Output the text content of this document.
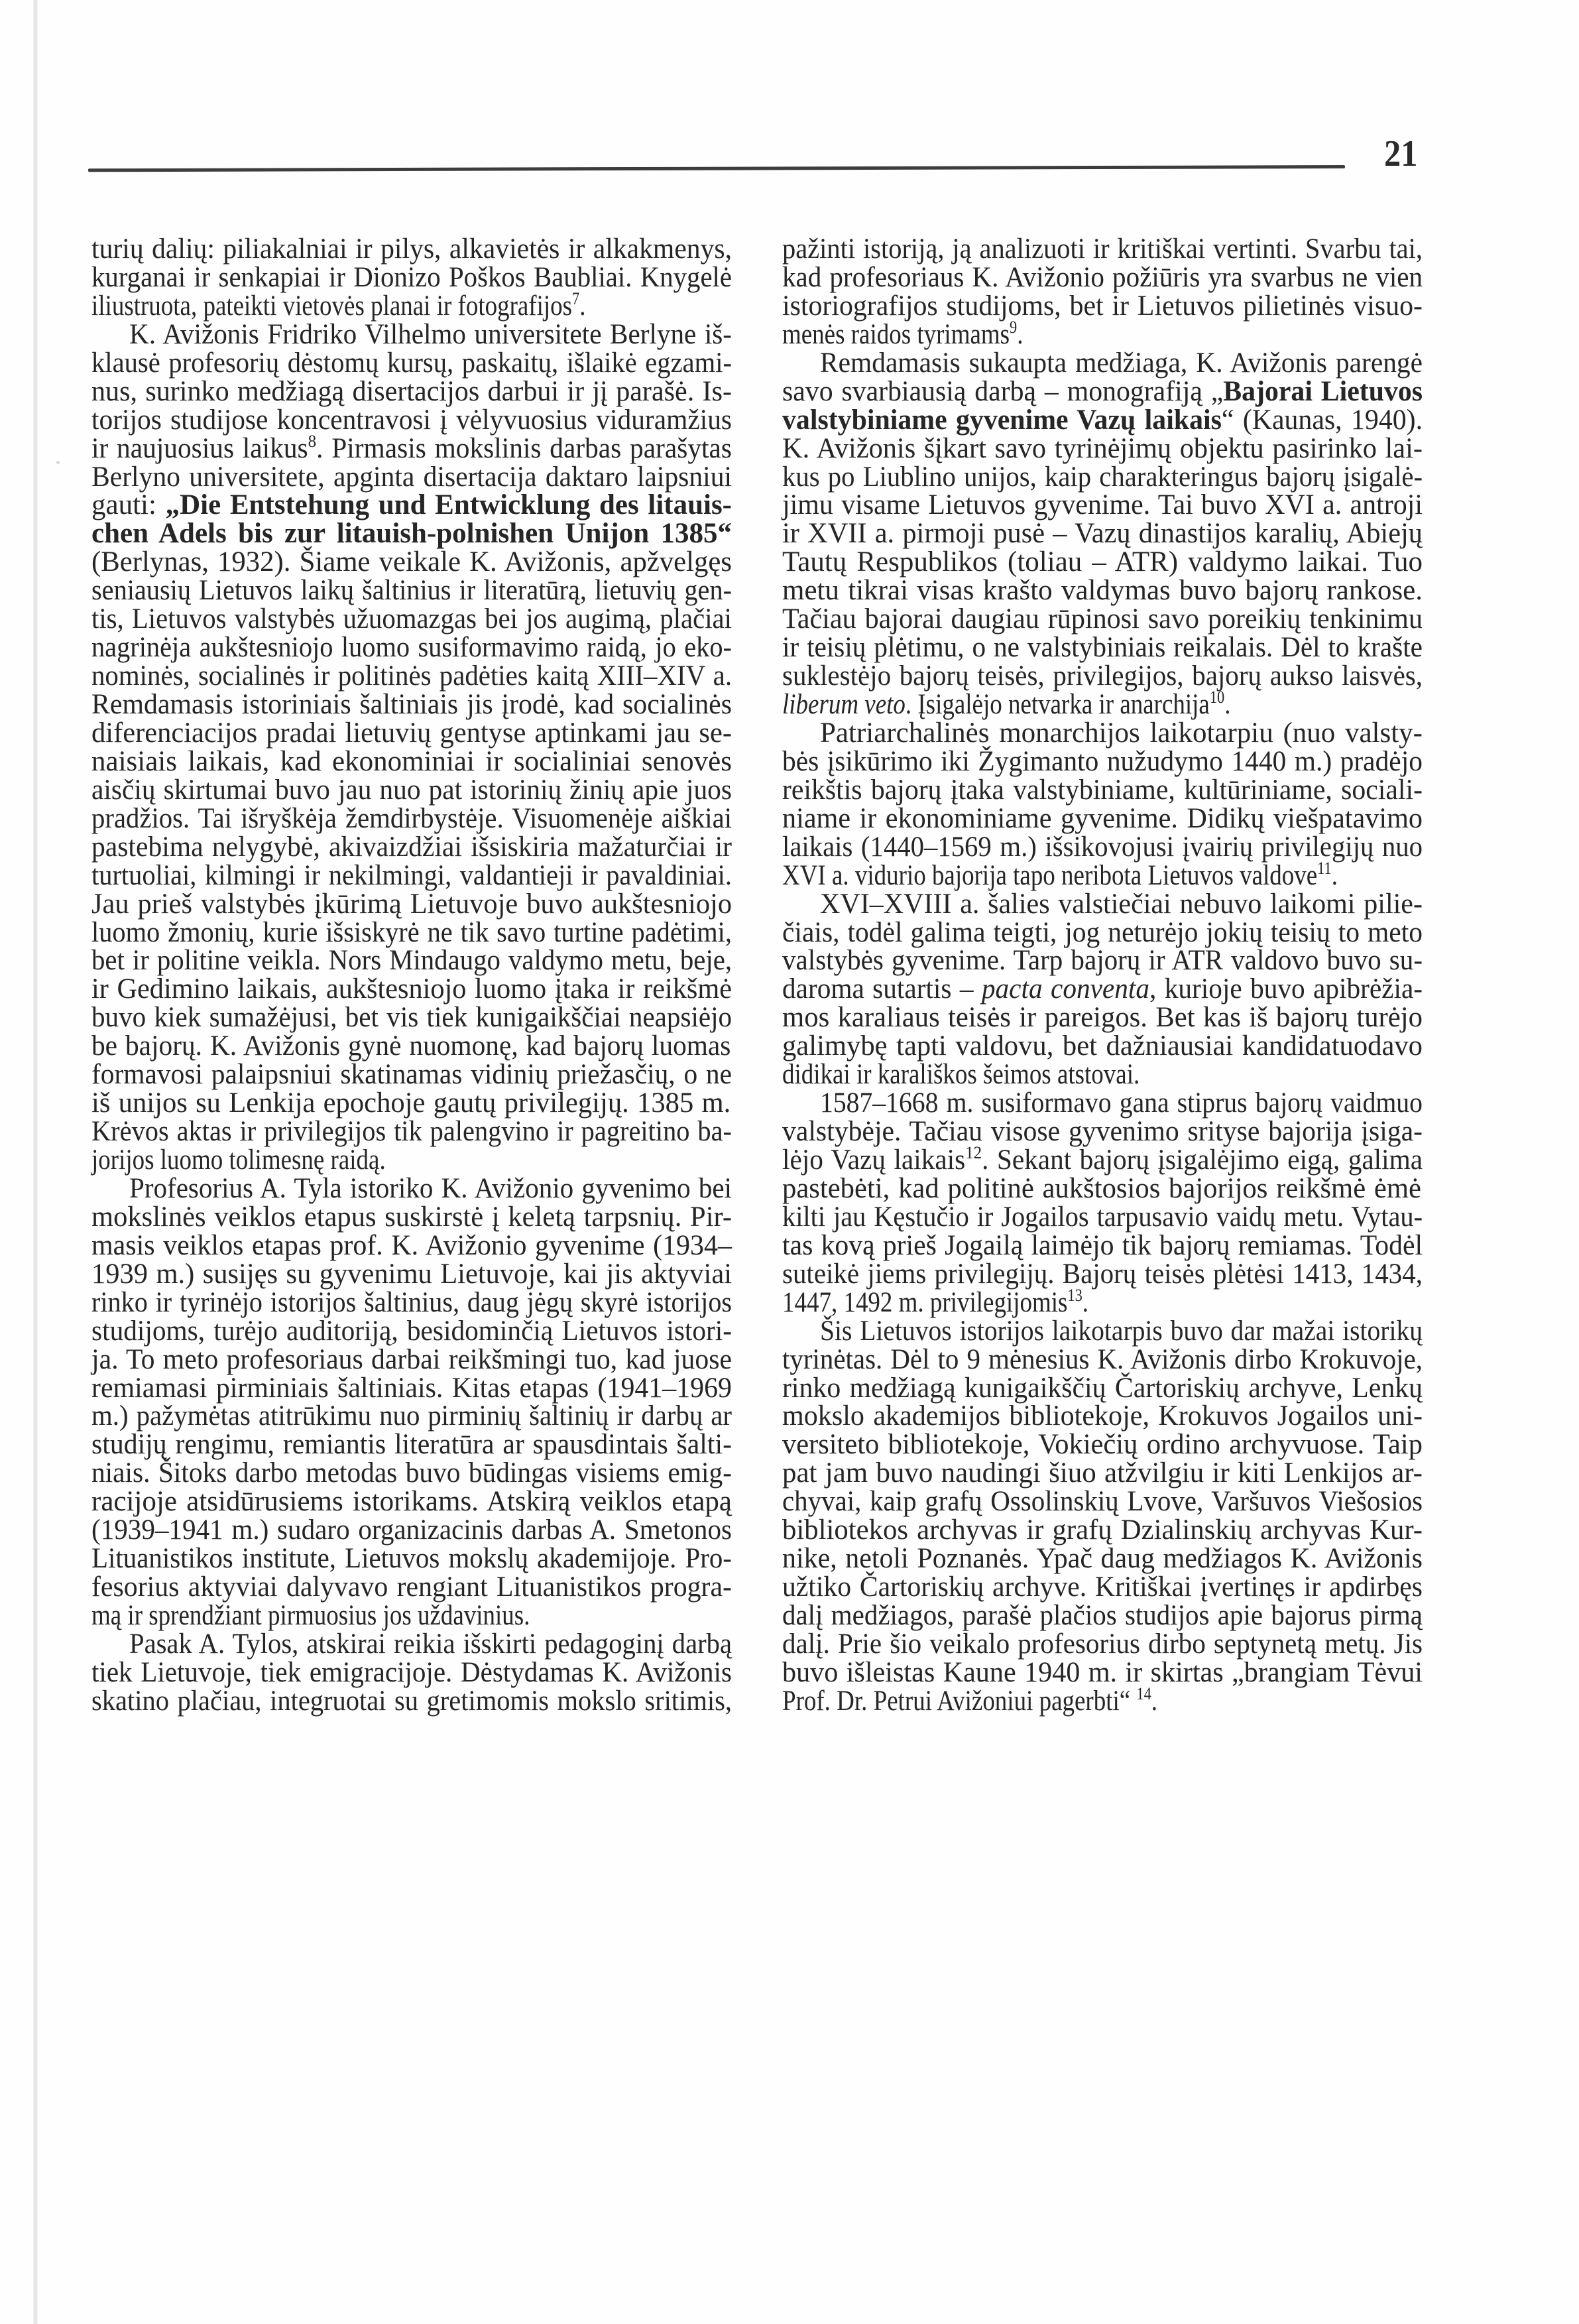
*
21
turių dalių: piliakalniai ir pilys, alkavietės ir alkakmenys,
kurganai ir senkapiai ir Dionizo Poškos Baubliai. Knygelė
iliustruota, pateikti vietovės planai ir fotografijos$^7$.
K. Avižonis Fridriko Vilhelmo universitete Berlyne iš-
klausė profesorių dėstomų kursų, paskaitų, išlaikė egzami-
nus, surinko medžiagą disertacijos darbui ir jį parašė. Is-
torijos studijose koncentravosi į vėlyvuosius viduramžius
ir naujuosius laikus$^8$. Pirmasis mokslinis darbas parašytas
Berlyno universitete, apginta disertacija daktaro laipsniui
gauti: „Die Entstehung und Entwicklung des litauis-
chen Adels bis zur litauish-polnishen Unijon 1385“
(Berlynas, 1932). Šiame veikale K. Avižonis, apžvelgęs
seniausių Lietuvos laikų šaltinius ir literatūrą, lietuvių gen-
tis, Lietuvos valstybės užuomazgas bei jos augimą, plačiai
nagrinėja aukštesniojo luomo susiformavimo raidą, jo eko-
nominės, socialinės ir politinės padėties kaitą XIII–XIV a.
Remdamasis istoriniais šaltiniais jis įrodė, kad socialinės
diferenciacijos pradai lietuvių gentyse aptinkami jau se-
naisiais laikais, kad ekonominiai ir socialiniai senovės
aisčių skirtumai buvo jau nuo pat istorinių žinių apie juos
pradžios. Tai išryškėja žemdirbystėje. Visuomenėje aiškiai
pastebima nelygybė, akivaizdžiai išsiskiria mažaturčiai ir
turtuoliai, kilmingi ir nekilmingi, valdantieji ir pavaldiniai.
Jau prieš valstybės įkūrimą Lietuvoje buvo aukštesniojo
luomo žmonių, kurie išsiskyrė ne tik savo turtine padėtimi,
bet ir politine veikla. Nors Mindaugo valdymo metu, beje,
ir Gedimino laikais, aukštesniojo luomo įtaka ir reikšmė
buvo kiek sumažėjusi, bet vis tiek kunigaikščiai neapsiėjo
be bajorų. K. Avižonis gynė nuomonę, kad bajorų luomas
formavosi palaipsniui skatinamas vidinių priežasčių, o ne
iš unijos su Lenkija epochoje gautų privilegijų. 1385 m.
Krėvos aktas ir privilegijos tik palengvino ir pagreitino ba-
jorijos luomo tolimesnę raidą.
Profesorius A. Tyla istoriko K. Avižonio gyvenimo bei
mokslinės veiklos etapus suskirstė į keletą tarpsnių. Pir-
masis veiklos etapas prof. K. Avižonio gyvenime (1934–
1939 m.) susijęs su gyvenimu Lietuvoje, kai jis aktyviai
rinko ir tyrinėjo istorijos šaltinius, daug jėgų skyrė istorijos
studijoms, turėjo auditoriją, besidominčią Lietuvos istori-
ja. To meto profesoriaus darbai reikšmingi tuo, kad juose
remiamasi pirminiais šaltiniais. Kitas etapas (1941–1969
m.) pažymėtas atitrūkimu nuo pirminių šaltinių ir darbų ar
studijų rengimu, remiantis literatūra ar spausdintais šalti-
niais. Šitoks darbo metodas buvo būdingas visiems emig-
racijoje atsidūrusiems istorikams. Atskirą veiklos etapą
(1939–1941 m.) sudaro organizacinis darbas A. Smetonos
Lituanistikos institute, Lietuvos mokslų akademijoje. Pro-
fesorius aktyviai dalyvavo rengiant Lituanistikos progra-
mą ir sprendžiant pirmuosius jos uždavinius.
Pasak A. Tylos, atskirai reikia išskirti pedagoginį darbą
tiek Lietuvoje, tiek emigracijoje. Dėstydamas K. Avižonis
skatino plačiau, integruotai su gretimomis mokslo sritimis,
pažinti istoriją, ją analizuoti ir kritiškai vertinti. Svarbu tai,
kad profesoriaus K. Avižonio požiūris yra svarbus ne vien
istoriografijos studijoms, bet ir Lietuvos pilietinės visuo-
menės raidos tyrimams$^9$.
Remdamasis sukaupta medžiaga, K. Avižonis parengė
savo svarbiausią darbą – monografiją „Bajorai Lietuvos
valstybiniame gyvenime Vazų laikais“ (Kaunas, 1940).
K. Avižonis šįkart savo tyrinėjimų objektu pasirinko lai-
kus po Liublino unijos, kaip charakteringus bajorų įsigalė-
jimu visame Lietuvos gyvenime. Tai buvo XVI a. antroji
ir XVII a. pirmoji pusė – Vazų dinastijos karalių, Abiejų
Tautų Respublikos (toliau – ATR) valdymo laikai. Tuo
metu tikrai visas krašto valdymas buvo bajorų rankose.
Tačiau bajorai daugiau rūpinosi savo poreikių tenkinimu
ir teisių plėtimu, o ne valstybiniais reikalais. Dėl to krašte
suklestėjo bajorų teisės, privilegijos, bajorų aukso laisvės,
liberum veto. Įsigalėjo netvarka ir anarchija$^{10}$.
Patriarchalinės monarchijos laikotarpiu (nuo valsty-
bės įsikūrimo iki Žygimanto nužudymo 1440 m.) pradėjo
reikštis bajorų įtaka valstybiniame, kultūriniame, sociali-
niame ir ekonominiame gyvenime. Didikų viešpatavimo
laikais (1440–1569 m.) išsikovojusi įvairių privilegijų nuo
XVI a. vidurio bajorija tapo neribota Lietuvos valdove$^{11}$.
XVI–XVIII a. šalies valstiečiai nebuvo laikomi pilie-
čiais, todėl galima teigti, jog neturėjo jokių teisių to meto
valstybės gyvenime. Tarp bajorų ir ATR valdovo buvo su-
daroma sutartis – pacta conventa, kurioje buvo apibrėžia-
mos karaliaus teisės ir pareigos. Bet kas iš bajorų turėjo
galimybę tapti valdovu, bet dažniausiai kandidatuodavo
didikai ir karališkos šeimos atstovai.
1587–1668 m. susiformavo gana stiprus bajorų vaidmuo
valstybėje. Tačiau visose gyvenimo srityse bajorija įsiga-
lėjo Vazų laikais$^{12}$. Sekant bajorų įsigalėjimo eigą, galima
pastebėti, kad politinė aukštosios bajorijos reikšmė ėmė
kilti jau Kęstučio ir Jogailos tarpusavio vaidų metu. Vytau-
tas kovą prieš Jogailą laimėjo tik bajorų remiamas. Todėl
suteikė jiems privilegijų. Bajorų teisės plėtėsi 1413, 1434,
1447, 1492 m. privilegijomis$^{13}$.
Šis Lietuvos istorijos laikotarpis buvo dar mažai istorikų
tyrinėtas. Dėl to 9 mėnesius K. Avižonis dirbo Krokuvoje,
rinko medžiagą kunigaikščių Čartoriskių archyve, Lenkų
mokslo akademijos bibliotekoje, Krokuvos Jogailos uni-
versiteto bibliotekoje, Vokiečių ordino archyvuose. Taip
pat jam buvo naudingi šiuo atžvilgiu ir kiti Lenkijos ar-
chyvai, kaip grafų Ossolinskių Lvove, Varšuvos Viešosios
bibliotekos archyvas ir grafų Dzialinskių archyvas Kur-
nike, netoli Poznanės. Ypač daug medžiagos K. Avižonis
užtiko Čartoriskių archyve. Kritiškai įvertinęs ir apdirbęs
dalį medžiagos, parašė plačios studijos apie bajorus pirmą
dalį. Prie šio veikalo profesorius dirbo septynetą metų. Jis
buvo išleistas Kaune 1940 m. ir skirtas „brangiam Tėvui
Prof. Dr. Petrui Avižoniui pagerbti“ $^{14}$.
